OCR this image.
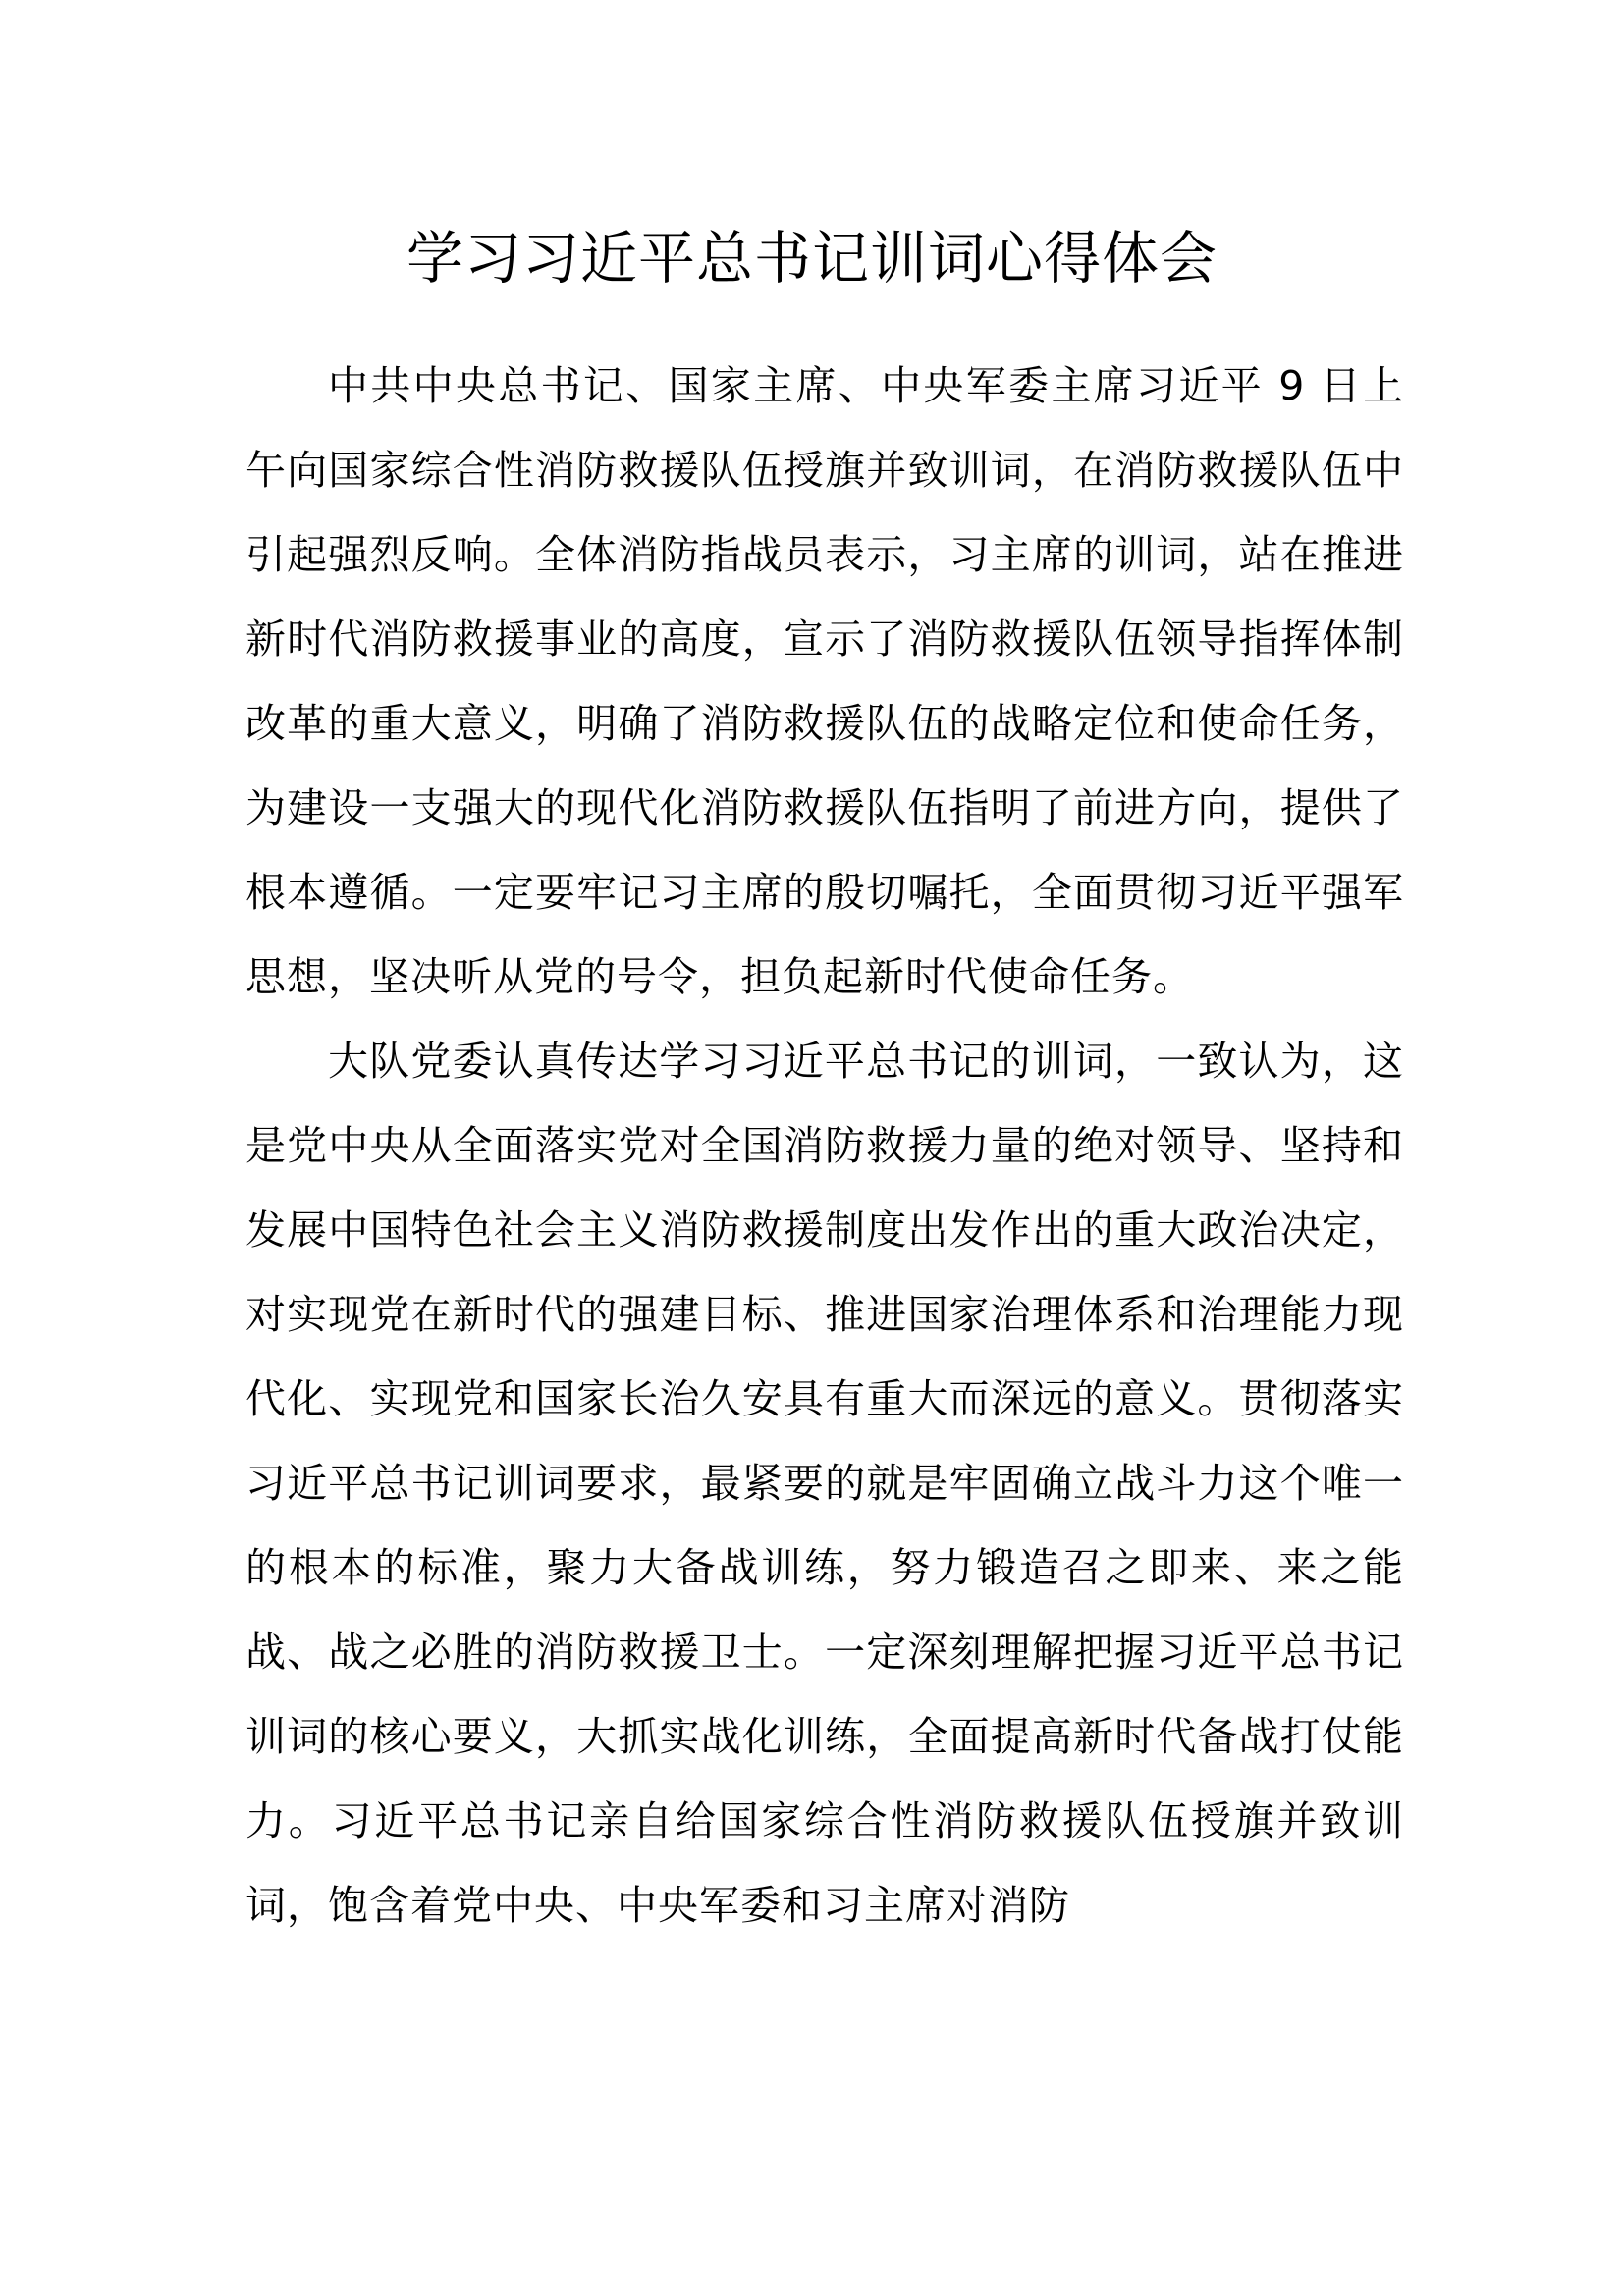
学习习近平总书记训词心得体会

中共中央总书记、国家主席、中央军委主席习近平 9 日上午向国家综合性消防救援队伍授旗并致训词，在消防救援队伍中引起强烈反响。全体消防指战员表示，习主席的训词，站在推进新时代消防救援事业的高度，宣示了消防救援队伍领导指挥体制改革的重大意义，明确了消防救援队伍的战略定位和使命任务，为建设一支强大的现代化消防救援队伍指明了前进方向，提供了根本遵循。一定要牢记习主席的殷切嘱托，全面贯彻习近平强军思想，坚决听从党的号令，担负起新时代使命任务。

大队党委认真传达学习习近平总书记的训词，一致认为，这是党中央从全面落实党对全国消防救援力量的绝对领导、坚持和发展中国特色社会主义消防救援制度出发作出的重大政治决定，对实现党在新时代的强建目标、推进国家治理体系和治理能力现代化、实现党和国家长治久安具有重大而深远的意义。贯彻落实习近平总书记训词要求，最紧要的就是牢固确立战斗力这个唯一的根本的标准，聚力大备战训练，努力锻造召之即来、来之能战、战之必胜的消防救援卫士。一定深刻理解把握习近平总书记训词的核心要义，大抓实战化训练，全面提高新时代备战打仗能力。习近平总书记亲自给国家综合性消防救援队伍授旗并致训词，饱含着党中央、中央军委和习主席对消防
